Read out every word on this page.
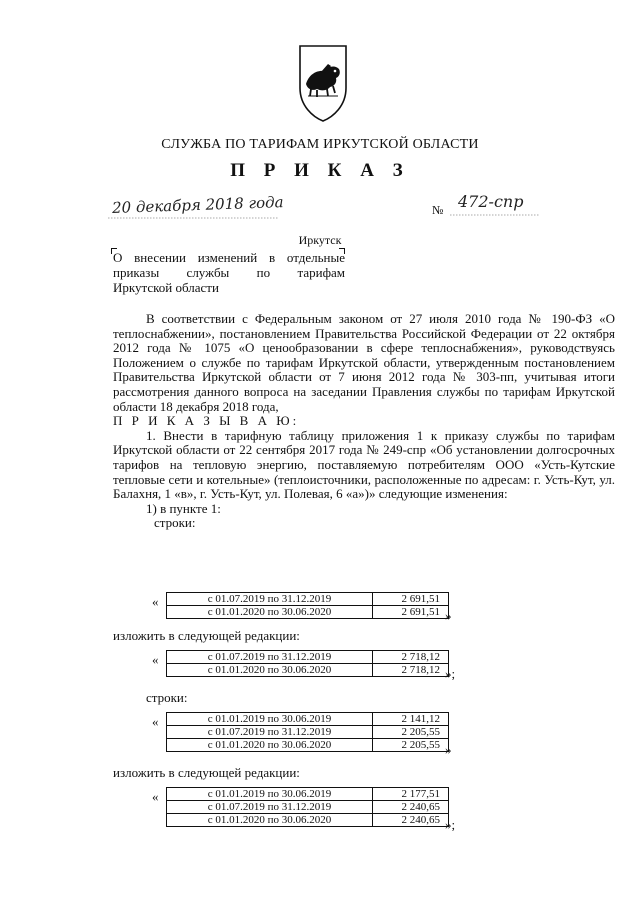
СЛУЖБА ПО ТАРИФАМ ИРКУТСКОЙ ОБЛАСТИ
П Р И К А З
20 декабря 2018 года	№ 472-спр
Иркутск
О внесении изменений в отдельные
приказы службы по тарифам
Иркутской области

В соответствии с Федеральным законом от 27 июля 2010 года № 190-ФЗ «О теплоснабжении», постановлением Правительства Российской Федерации от 22 октября 2012 года № 1075 «О ценообразовании в сфере теплоснабжения», руководствуясь Положением о службе по тарифам Иркутской области, утвержденным постановлением Правительства Иркутской области от 7 июня 2012 года № 303-пп, учитывая итоги рассмотрения данного вопроса на заседании Правления службы по тарифам Иркутской области 18 декабря 2018 года,

П Р И К А З Ы В А Ю:

1. Внести в тарифную таблицу приложения 1 к приказу службы по тарифам Иркутской области от 22 сентября 2017 года № 249-спр «Об установлении долгосрочных тарифов на тепловую энергию, поставляемую потребителям ООО «Усть-Кутские тепловые сети и котельные» (теплоисточники, расположенные по адресам: г. Усть-Кут, ул. Балахня, 1 «в», г. Усть-Кут, ул. Полевая, 6 «а»)» следующие изменения:

1) в пункте 1:

строки:

«	с 01.07.2019 по 31.12.2019	2 691,51
с 01.01.2020 по 30.06.2020	2 691,51 »
изложить в следующей редакции:
«	с 01.07.2019 по 31.12.2019	2 718,12
с 01.01.2020 по 30.06.2020	2 718,12 »;
строки:
«	с 01.01.2019 по 30.06.2019	2 141,12
с 01.07.2019 по 31.12.2019	2 205,55
с 01.01.2020 по 30.06.2020	2 205,55 »
изложить в следующей редакции:
«	с 01.01.2019 по 30.06.2019	2 177,51
с 01.07.2019 по 31.12.2019	2 240,65
с 01.01.2020 по 30.06.2020	2 240,65 »;
